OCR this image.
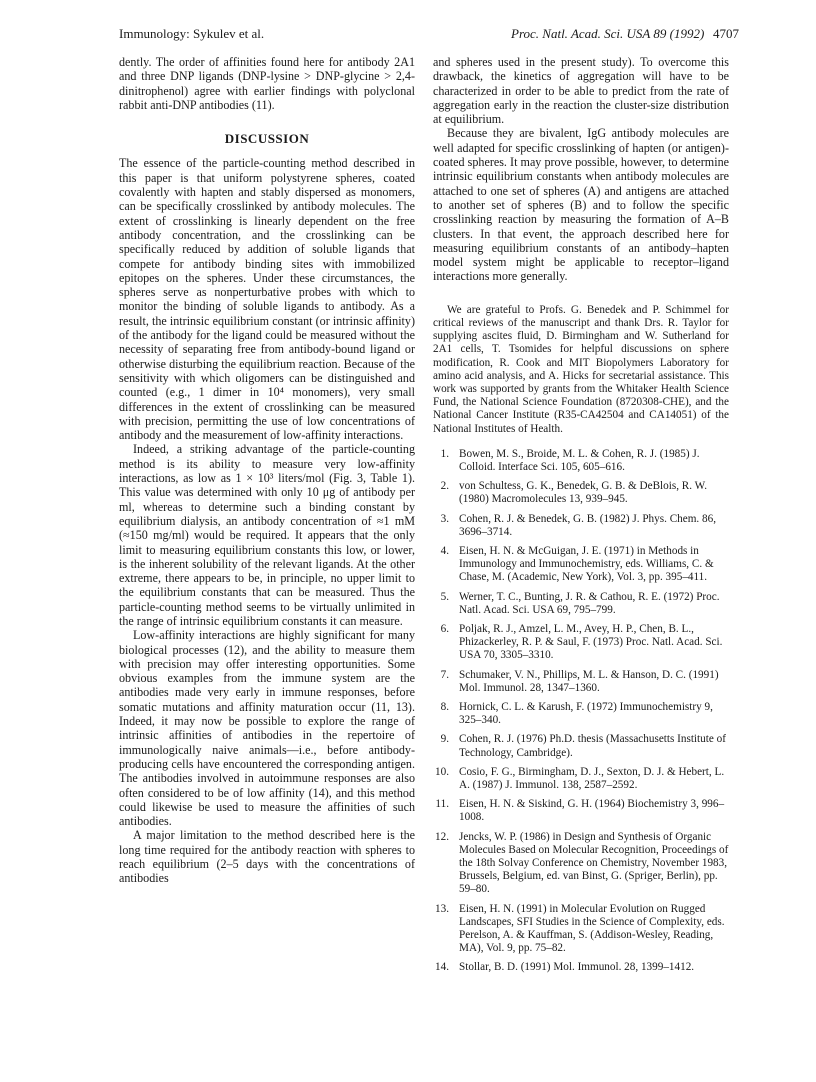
Immunology: Sykulev et al.	Proc. Natl. Acad. Sci. USA 89 (1992) 4707

dently. The order of affinities found here for antibody 2A1 and three DNP ligands (DNP-lysine > DNP-glycine > 2,4-dinitrophenol) agree with earlier findings with polyclonal rabbit anti-DNP antibodies (11).

DISCUSSION

The essence of the particle-counting method described in this paper is that uniform polystyrene spheres, coated covalently with hapten and stably dispersed as monomers, can be specifically crosslinked by antibody molecules. The extent of crosslinking is linearly dependent on the free antibody concentration, and the crosslinking can be specifically reduced by addition of soluble ligands that compete for antibody binding sites with immobilized epitopes on the spheres. Under these circumstances, the spheres serve as nonperturbative probes with which to monitor the binding of soluble ligands to antibody. As a result, the intrinsic equilibrium constant (or intrinsic affinity) of the antibody for the ligand could be measured without the necessity of separating free from antibody-bound ligand or otherwise disturbing the equilibrium reaction. Because of the sensitivity with which oligomers can be distinguished and counted (e.g., 1 dimer in 10⁴ monomers), very small differences in the extent of crosslinking can be measured with precision, permitting the use of low concentrations of antibody and the measurement of low-affinity interactions.

Indeed, a striking advantage of the particle-counting method is its ability to measure very low-affinity interactions, as low as 1 × 10³ liters/mol (Fig. 3, Table 1). This value was determined with only 10 μg of antibody per ml, whereas to determine such a binding constant by equilibrium dialysis, an antibody concentration of ≈1 mM (≈150 mg/ml) would be required. It appears that the only limit to measuring equilibrium constants this low, or lower, is the inherent solubility of the relevant ligands. At the other extreme, there appears to be, in principle, no upper limit to the equilibrium constants that can be measured. Thus the particle-counting method seems to be virtually unlimited in the range of intrinsic equilibrium constants it can measure.

Low-affinity interactions are highly significant for many biological processes (12), and the ability to measure them with precision may offer interesting opportunities. Some obvious examples from the immune system are the antibodies made very early in immune responses, before somatic mutations and affinity maturation occur (11, 13). Indeed, it may now be possible to explore the range of intrinsic affinities of antibodies in the repertoire of immunologically naive animals—i.e., before antibody-producing cells have encountered the corresponding antigen. The antibodies involved in autoimmune responses are also often considered to be of low affinity (14), and this method could likewise be used to measure the affinities of such antibodies.

A major limitation to the method described here is the long time required for the antibody reaction with spheres to reach equilibrium (2–5 days with the concentrations of antibodies

and spheres used in the present study). To overcome this drawback, the kinetics of aggregation will have to be characterized in order to be able to predict from the rate of aggregation early in the reaction the cluster-size distribution at equilibrium.

Because they are bivalent, IgG antibody molecules are well adapted for specific crosslinking of hapten (or antigen)-coated spheres. It may prove possible, however, to determine intrinsic equilibrium constants when antibody molecules are attached to one set of spheres (A) and antigens are attached to another set of spheres (B) and to follow the specific crosslinking reaction by measuring the formation of A–B clusters. In that event, the approach described here for measuring equilibrium constants of an antibody–hapten model system might be applicable to receptor–ligand interactions more generally.

We are grateful to Profs. G. Benedek and P. Schimmel for critical reviews of the manuscript and thank Drs. R. Taylor for supplying ascites fluid, D. Birmingham and W. Sutherland for 2A1 cells, T. Tsomides for helpful discussions on sphere modification, R. Cook and MIT Biopolymers Laboratory for amino acid analysis, and A. Hicks for secretarial assistance. This work was supported by grants from the Whitaker Health Science Fund, the National Science Foundation (8720308-CHE), and the National Cancer Institute (R35-CA42504 and CA14051) of the National Institutes of Health.

1. Bowen, M. S., Broide, M. L. & Cohen, R. J. (1985) J. Colloid. Interface Sci. 105, 605–616.
2. von Schultess, G. K., Benedek, G. B. & DeBlois, R. W. (1980) Macromolecules 13, 939–945.
3. Cohen, R. J. & Benedek, G. B. (1982) J. Phys. Chem. 86, 3696–3714.
4. Eisen, H. N. & McGuigan, J. E. (1971) in Methods in Immunology and Immunochemistry, eds. Williams, C. & Chase, M. (Academic, New York), Vol. 3, pp. 395–411.
5. Werner, T. C., Bunting, J. R. & Cathou, R. E. (1972) Proc. Natl. Acad. Sci. USA 69, 795–799.
6. Poljak, R. J., Amzel, L. M., Avey, H. P., Chen, B. L., Phizackerley, R. P. & Saul, F. (1973) Proc. Natl. Acad. Sci. USA 70, 3305–3310.
7. Schumaker, V. N., Phillips, M. L. & Hanson, D. C. (1991) Mol. Immunol. 28, 1347–1360.
8. Hornick, C. L. & Karush, F. (1972) Immunochemistry 9, 325–340.
9. Cohen, R. J. (1976) Ph.D. thesis (Massachusetts Institute of Technology, Cambridge).
10. Cosio, F. G., Birmingham, D. J., Sexton, D. J. & Hebert, L. A. (1987) J. Immunol. 138, 2587–2592.
11. Eisen, H. N. & Siskind, G. H. (1964) Biochemistry 3, 996–1008.
12. Jencks, W. P. (1986) in Design and Synthesis of Organic Molecules Based on Molecular Recognition, Proceedings of the 18th Solvay Conference on Chemistry, November 1983, Brussels, Belgium, ed. van Binst, G. (Spriger, Berlin), pp. 59–80.
13. Eisen, H. N. (1991) in Molecular Evolution on Rugged Landscapes, SFI Studies in the Science of Complexity, eds. Perelson, A. & Kauffman, S. (Addison-Wesley, Reading, MA), Vol. 9, pp. 75–82.
14. Stollar, B. D. (1991) Mol. Immunol. 28, 1399–1412.
